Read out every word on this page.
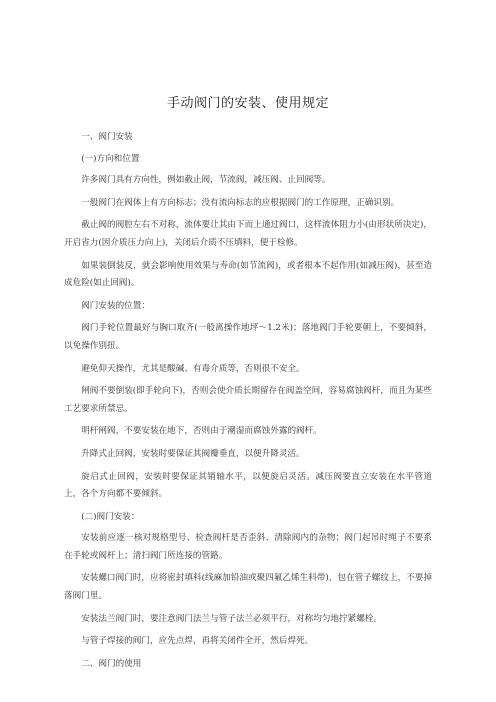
手动阀门的安装、使用规定

一、阀门安装

(一)方向和位置

许多阀门具有方向性，例如截止阀，节流阀，减压阀、止回阀等。

一般阀门在阀体上有方向标志；没有流向标志的应根据阀门的工作原理，正确识别。

截止阀的阀腔左右不对称，流体要让其由下而上通过阀口，这样流体阻力小(由形状所决定)，开启省力(因介质压力向上)，关闭后介质不压填料，便于检修。

如果装倒装反，就会影响使用效果与寿命(如节流阀)，或者根本不起作用(如减压阀)，甚至造成危险(如止回阀)。

阀门安装的位置：

阀门手轮位置最好与胸口取齐(一般离操作地坪～1.2米)；落地阀门手轮要朝上，不要倾斜，以免操作别扭。

避免仰天操作，尤其是酸碱、有毒介质等，否则很不安全。

闸阀不要倒装(即手轮向下)，否则会使介质长期留存在阀盖空间，容易腐蚀阀杆，而且为某些工艺要求所禁忌。

明杆闸阀，不要安装在地下，否则由于潮湿而腐蚀外露的阀杆。

升降式止回阀，安装时要保证其阀瓣垂直，以便升降灵活。

旋启式止回阀，安装时要保证其销轴水平，以便旋启灵活。减压阀要直立安装在水平管道上，各个方向都不要倾斜。

(二)阀门安装：

安装前应逐一核对规格型号、检查阀杆是否歪斜、清除阀内的杂物；阀门起吊时绳子不要系在手轮或阀杆上；清扫阀门所连接的管路。

安装螺口阀门时，应将密封填料(线麻加铅油或聚四氟乙烯生料带)，包在管子螺纹上，不要掉落阀门里。

安装法兰阀门时，要注意阀门法兰与管子法兰必须平行，对称均匀地拧紧螺栓。

与管子焊接的阀门，应先点焊，再将关闭件全开，然后焊死。

二、阀门的使用
